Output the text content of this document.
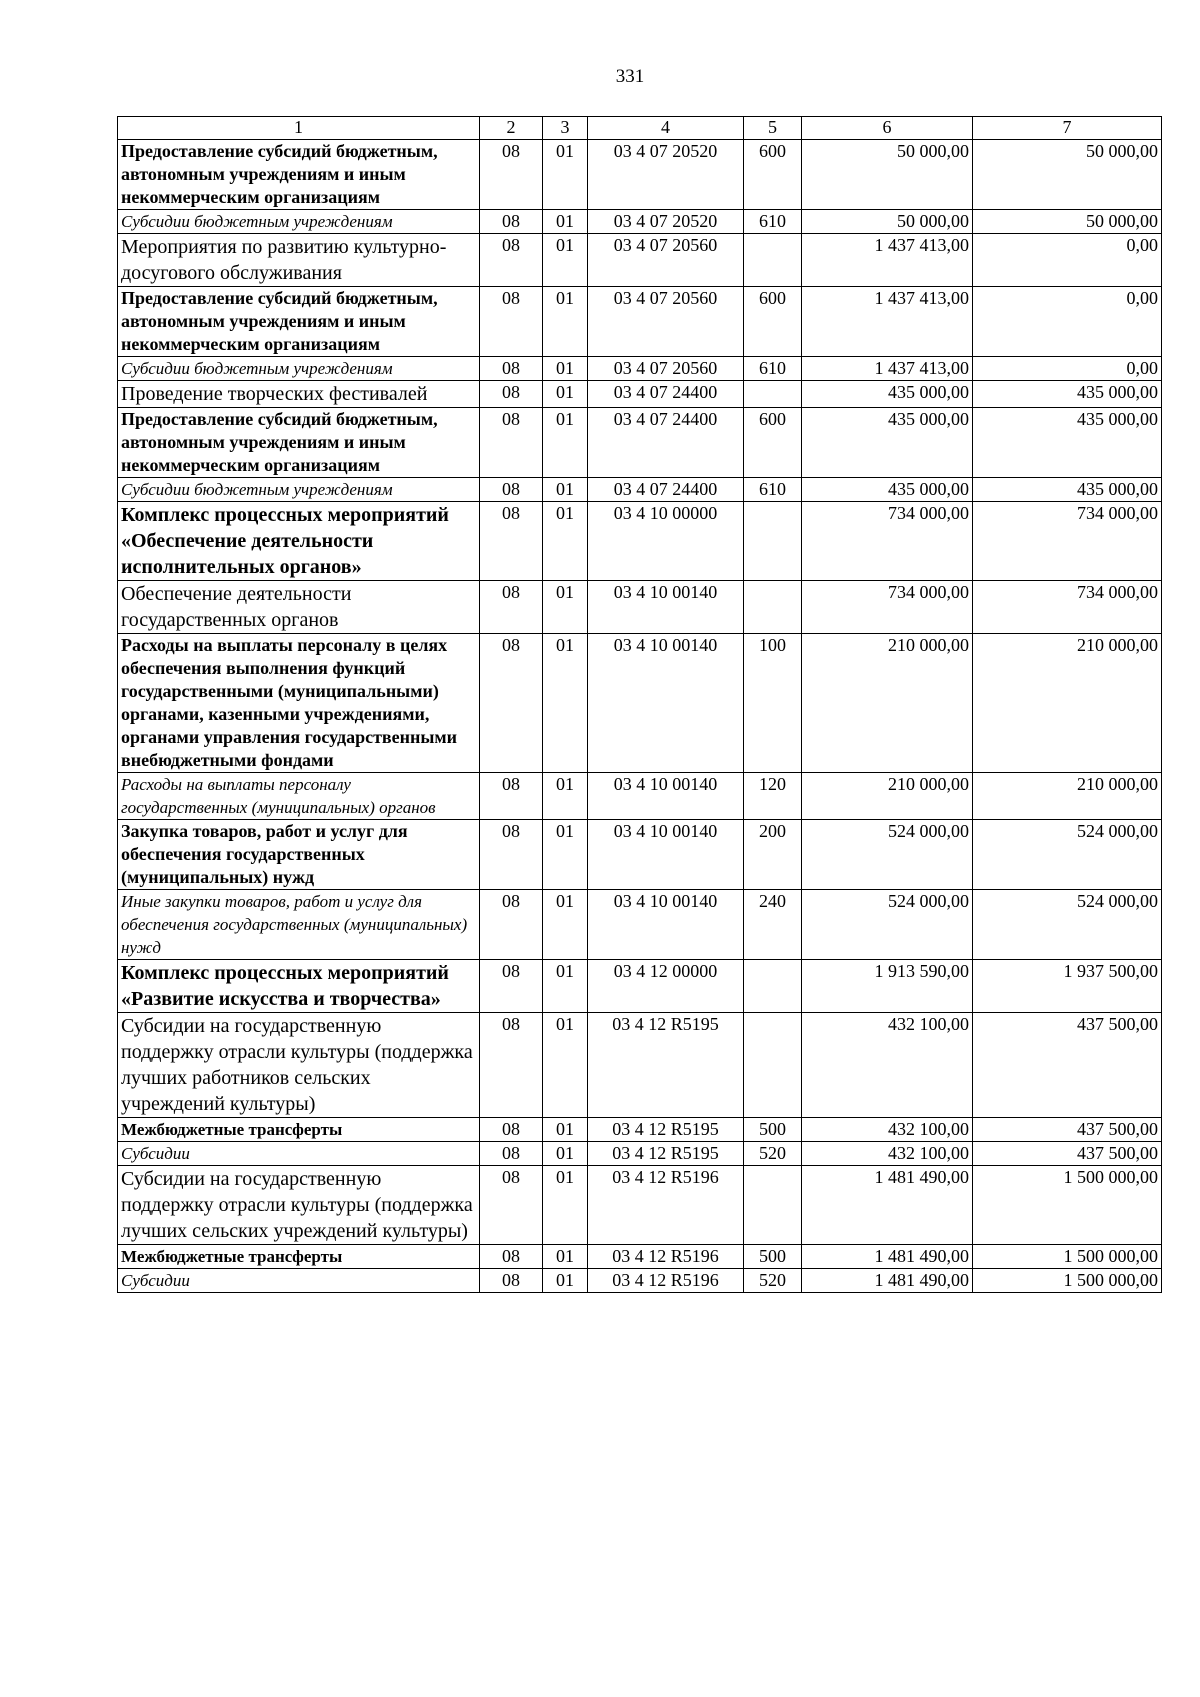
331
1	2	3	4	5	6	7
Предоставление субсидий бюджетным, автономным учреждениям и иным некоммерческим организациям	08	01	03 4 07 20520	600	50 000,00	50 000,00
Субсидии бюджетным учреждениям	08	01	03 4 07 20520	610	50 000,00	50 000,00
Мероприятия по развитию культурно-досугового обслуживания	08	01	03 4 07 20560		1 437 413,00	0,00
Предоставление субсидий бюджетным, автономным учреждениям и иным некоммерческим организациям	08	01	03 4 07 20560	600	1 437 413,00	0,00
Субсидии бюджетным учреждениям	08	01	03 4 07 20560	610	1 437 413,00	0,00
Проведение творческих фестивалей	08	01	03 4 07 24400		435 000,00	435 000,00
Предоставление субсидий бюджетным, автономным учреждениям и иным некоммерческим организациям	08	01	03 4 07 24400	600	435 000,00	435 000,00
Субсидии бюджетным учреждениям	08	01	03 4 07 24400	610	435 000,00	435 000,00
Комплекс процессных мероприятий «Обеспечение деятельности исполнительных органов»	08	01	03 4 10 00000		734 000,00	734 000,00
Обеспечение деятельности государственных органов	08	01	03 4 10 00140		734 000,00	734 000,00
Расходы на выплаты персоналу в целях обеспечения выполнения функций государственными (муниципальными) органами, казенными учреждениями, органами управления государственными внебюджетными фондами	08	01	03 4 10 00140	100	210 000,00	210 000,00
Расходы на выплаты персоналу государственных (муниципальных) органов	08	01	03 4 10 00140	120	210 000,00	210 000,00
Закупка товаров, работ и услуг для обеспечения государственных (муниципальных) нужд	08	01	03 4 10 00140	200	524 000,00	524 000,00
Иные закупки товаров, работ и услуг для обеспечения государственных (муниципальных) нужд	08	01	03 4 10 00140	240	524 000,00	524 000,00
Комплекс процессных мероприятий «Развитие искусства и творчества»	08	01	03 4 12 00000		1 913 590,00	1 937 500,00
Субсидии на государственную поддержку отрасли культуры (поддержка лучших работников сельских учреждений культуры)	08	01	03 4 12 R5195		432 100,00	437 500,00
Межбюджетные трансферты	08	01	03 4 12 R5195	500	432 100,00	437 500,00
Субсидии	08	01	03 4 12 R5195	520	432 100,00	437 500,00
Субсидии на государственную поддержку отрасли культуры (поддержка лучших сельских учреждений культуры)	08	01	03 4 12 R5196		1 481 490,00	1 500 000,00
Межбюджетные трансферты	08	01	03 4 12 R5196	500	1 481 490,00	1 500 000,00
Субсидии	08	01	03 4 12 R5196	520	1 481 490,00	1 500 000,00
